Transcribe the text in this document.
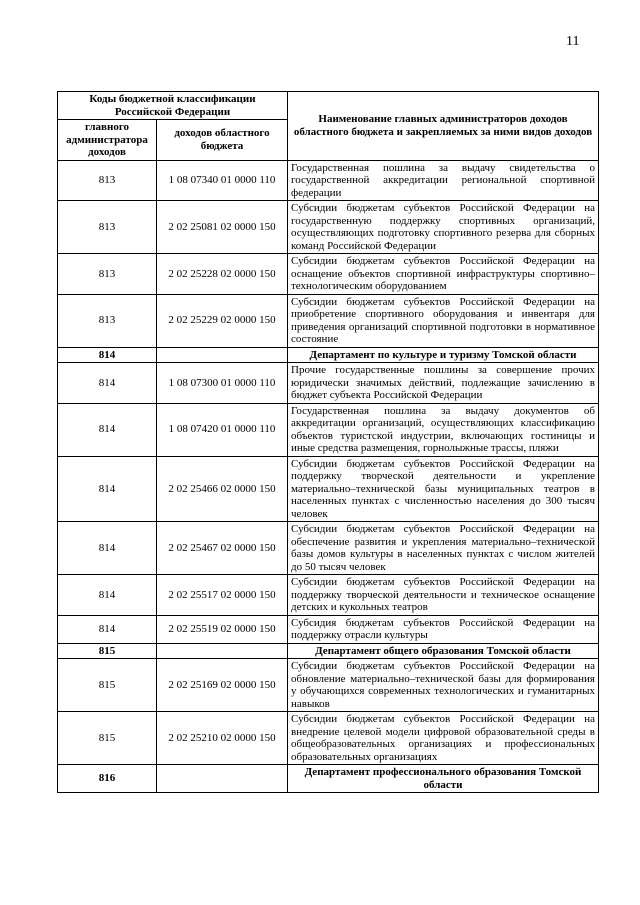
11
Коды бюджетной классификации Российской Федерации		Наименование главных администраторов доходов областного бюджета и закрепляемых за ними видов доходов
главного администратора доходов	доходов областного бюджета	
813	1 08 07340 01 0000 110	Государственная пошлина за выдачу свидетельства о государственной аккредитации региональной спортивной федерации
813	2 02 25081 02 0000 150	Субсидии бюджетам субъектов Российской Федерации на государственную поддержку спортивных организаций, осуществляющих подготовку спортивного резерва для сборных команд Российской Федерации
813	2 02 25228 02 0000 150	Субсидии бюджетам субъектов Российской Федерации на оснащение объектов спортивной инфраструктуры спортивно–технологическим оборудованием
813	2 02 25229 02 0000 150	Субсидии бюджетам субъектов Российской Федерации на приобретение спортивного оборудования и инвентаря для приведения организаций спортивной подготовки в нормативное состояние
814		Департамент по культуре и туризму Томской области
814	1 08 07300 01 0000 110	Прочие государственные пошлины за совершение прочих юридически значимых действий, подлежащие зачислению в бюджет субъекта Российской Федерации
814	1 08 07420 01 0000 110	Государственная пошлина за выдачу документов об аккредитации организаций, осуществляющих классификацию объектов туристской индустрии, включающих гостиницы и иные средства размещения, горнолыжные трассы, пляжи
814	2 02 25466 02 0000 150	Субсидии бюджетам субъектов Российской Федерации на поддержку творческой деятельности и укрепление материально–технической базы муниципальных театров в населенных пунктах с численностью населения до 300 тысяч человек
814	2 02 25467 02 0000 150	Субсидии бюджетам субъектов Российской Федерации на обеспечение развития и укрепления материально–технической базы домов культуры в населенных пунктах с числом жителей до 50 тысяч человек
814	2 02 25517 02 0000 150	Субсидии бюджетам субъектов Российской Федерации на поддержку творческой деятельности и техническое оснащение детских и кукольных театров
814	2 02 25519 02 0000 150	Субсидия бюджетам субъектов Российской Федерации на поддержку отрасли культуры
815		Департамент общего образования Томской области
815	2 02 25169 02 0000 150	Субсидии бюджетам субъектов Российской Федерации на обновление материально–технической базы для формирования у обучающихся современных технологических и гуманитарных навыков
815	2 02 25210 02 0000 150	Субсидии бюджетам субъектов Российской Федерации на внедрение целевой модели цифровой образовательной среды в общеобразовательных организациях и профессиональных образовательных организациях
816		Департамент профессионального образования Томской области
